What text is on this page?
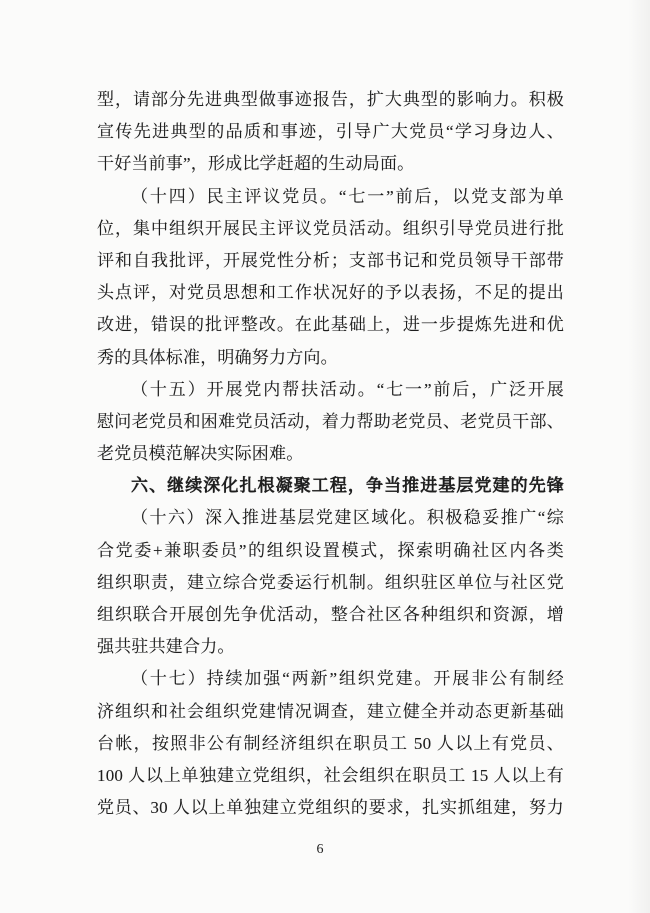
型，请部分先进典型做事迹报告，扩大典型的影响力。积极
宣传先进典型的品质和事迹，引导广大党员“学习身边人、
干好当前事”，形成比学赶超的生动局面。
（十四）民主评议党员。“七一”前后，以党支部为单
位，集中组织开展民主评议党员活动。组织引导党员进行批
评和自我批评，开展党性分析；支部书记和党员领导干部带
头点评，对党员思想和工作状况好的予以表扬，不足的提出
改进，错误的批评整改。在此基础上，进一步提炼先进和优
秀的具体标准，明确努力方向。
（十五）开展党内帮扶活动。“七一”前后，广泛开展
慰问老党员和困难党员活动，着力帮助老党员、老党员干部、
老党员模范解决实际困难。
六、继续深化扎根凝聚工程，争当推进基层党建的先锋
（十六）深入推进基层党建区域化。积极稳妥推广“综
合党委+兼职委员”的组织设置模式，探索明确社区内各类
组织职责，建立综合党委运行机制。组织驻区单位与社区党
组织联合开展创先争优活动，整合社区各种组织和资源，增
强共驻共建合力。
（十七）持续加强“两新”组织党建。开展非公有制经
济组织和社会组织党建情况调查，建立健全并动态更新基础
台帐，按照非公有制经济组织在职员工 50 人以上有党员、
100 人以上单独建立党组织，社会组织在职员工 15 人以上有
党员、30 人以上单独建立党组织的要求，扎实抓组建，努力
6
